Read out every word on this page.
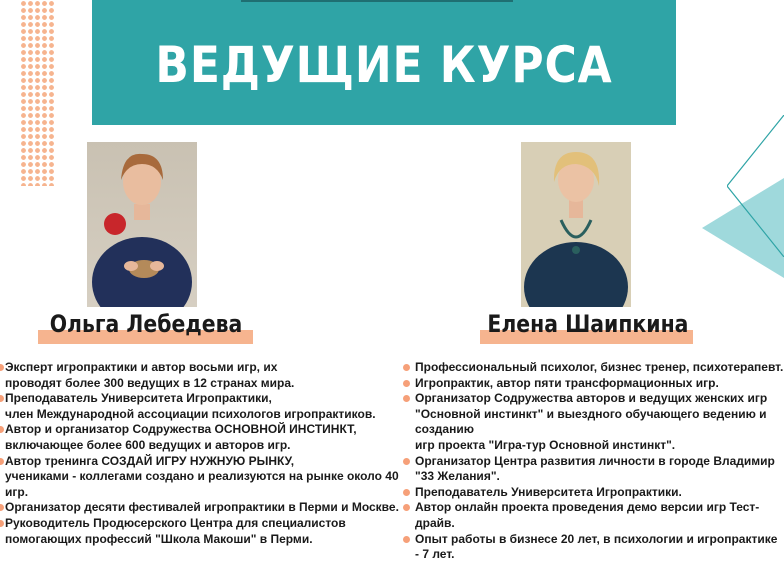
ВЕДУЩИЕ КУРСА
Ольга Лебедева	Елена Шаипкина
Эксперт игропрактики и автор восьми игр, их
проводят более 300 ведущих в 12 странах мира.
Преподаватель Университета Игропрактики,
член Международной ассоциации психологов игропрактиков.
Автор и организатор Содружества ОСНОВНОЙ ИНСТИНКТ,
включающее более 600 ведущих и авторов игр.
Автор тренинга СОЗДАЙ ИГРУ НУЖНУЮ РЫНКУ,
учениками - коллегами создано и реализуются на рынке около 40 игр.
Организатор десяти фестивалей игропрактики в Перми и Москве.
Руководитель Продюсерского Центра для специалистов
помогающих профессий "Школа Макоши" в Перми.
Профессиональный психолог, бизнес тренер, психотерапевт.
Игропрактик, автор пяти трансформационных игр.
Организатор Содружества авторов и ведущих женских игр
"Основной инстинкт" и выездного обучающего ведению и созданию
игр проекта "Игра-тур Основной инстинкт".
Организатор Центра развития личности в городе Владимир
"33 Желания".
Преподаватель Университета Игропрактики.
Автор онлайн проекта проведения демо версии игр Тест-драйв.
Опыт работы в бизнесе 20 лет, в психологии и игропрактике - 7 лет.
